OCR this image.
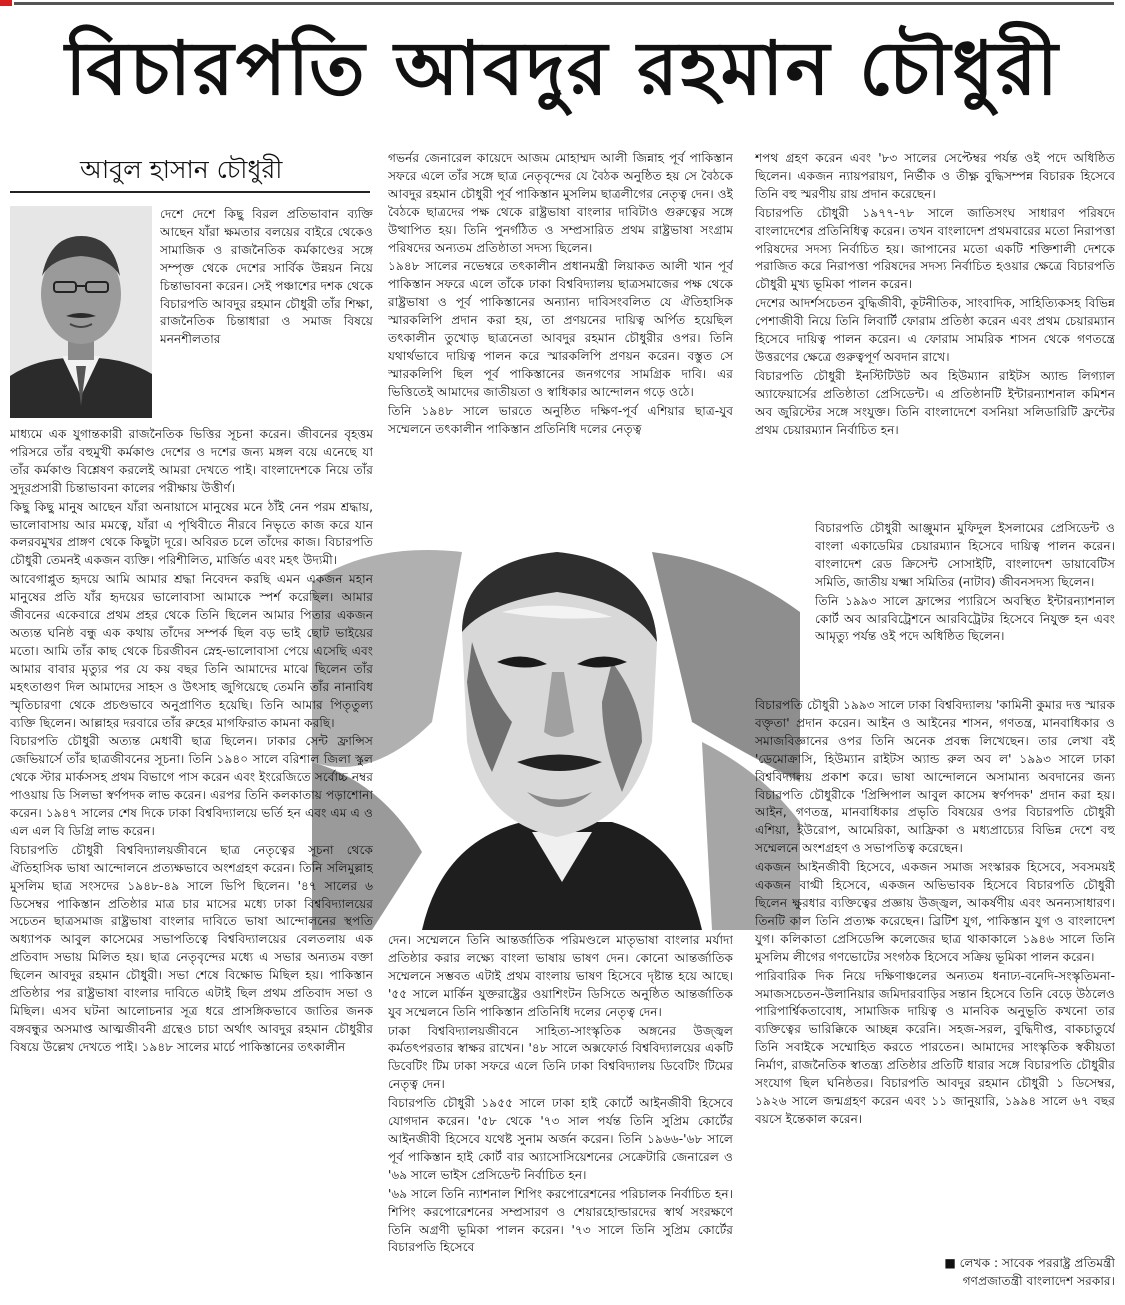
বিচারপতি আবদুর রহমান চৌধুরী
আবুল হাসান চৌধুরী

দেশে দেশে কিছু বিরল প্রতিভাবান ব্যক্তি আছেন যাঁরা ক্ষমতার বলয়ের বাইরে থেকেও সামাজিক ও রাজনৈতিক কর্মকাণ্ডের সঙ্গে সম্পৃক্ত থেকে দেশের সার্বিক উন্নয়ন নিয়ে চিন্তাভাবনা করেন। সেই পঞ্চাশের দশক থেকে বিচারপতি আবদুর রহমান চৌধুরী তাঁর শিক্ষা, রাজনৈতিক চিন্তাধারা ও সমাজ বিষয়ে মননশীলতার

মাধ্যমে এক যুগান্তকারী রাজনৈতিক ভিত্তির সূচনা করেন। জীবনের বৃহত্তম পরিসরে তাঁর বহুমুখী কর্মকাণ্ড দেশের ও দশের জন্য মঙ্গল বয়ে এনেছে যা তাঁর কর্মকাণ্ড বিশ্লেষণ করলেই আমরা দেখতে পাই। বাংলাদেশকে নিয়ে তাঁর সুদূরপ্রসারী চিন্তাভাবনা কালের পরীক্ষায় উত্তীর্ণ।

কিছু কিছু মানুষ আছেন যাঁরা অনায়াসে মানুষের মনে ঠাঁই নেন পরম শ্রদ্ধায়, ভালোবাসায় আর মমত্বে, যাঁরা এ পৃথিবীতে নীরবে নিভৃতে কাজ করে যান কলরবমুখর প্রাঙ্গণ থেকে কিছুটা দূরে। অবিরত চলে তাঁদের কাজ। বিচারপতি চৌধুরী তেমনই একজন ব্যক্তি। পরিশীলিত, মার্জিত এবং মহৎ উদ্যমী।

আবেগাপ্লুত হৃদয়ে আমি আমার শ্রদ্ধা নিবেদন করছি এমন একজন মহান মানুষের প্রতি যাঁর হৃদয়ের ভালোবাসা আমাকে স্পর্শ করেছিল। আমার জীবনের একেবারে প্রথম প্রহর থেকে তিনি ছিলেন আমার পিতার একজন অত্যন্ত ঘনিষ্ঠ বন্ধু এক কথায় তাঁদের সম্পর্ক ছিল বড় ভাই ছোট ভাইয়ের মতো। আমি তাঁর কাছ থেকে চিরজীবন স্নেহ-ভালোবাসা পেয়ে এসেছি এবং আমার বাবার মৃত্যুর পর যে কয় বছর তিনি আমাদের মাঝে ছিলেন তাঁর মহৎতাগুণ দিল আমাদের সাহস ও উৎসাহ জুগিয়েছে তেমনি তাঁর নানাবিধ স্মৃতিচারণা থেকে প্রচণ্ডভাবে অনুপ্রাণিত হয়েছি। তিনি আমার পিতৃতুল্য ব্যক্তি ছিলেন। আল্লাহর দরবারে তাঁর রুহের মাগফিরাত কামনা করছি।

বিচারপতি চৌধুরী অত্যন্ত মেধাবী ছাত্র ছিলেন। ঢাকার সেন্ট ফ্রান্সিস জেভিয়ার্সে তাঁর ছাত্রজীবনের সূচনা। তিনি ১৯৪০ সালে বরিশাল জিলা স্কুল থেকে স্টার মার্কসসহ প্রথম বিভাগে পাস করেন এবং ইংরেজিতে সর্বোচ্চ নম্বর পাওয়ায় ডি সিলভা স্বর্ণপদক লাভ করেন। এরপর তিনি কলকাতায় পড়াশোনা করেন। ১৯৪৭ সালের শেষ দিকে ঢাকা বিশ্ববিদ্যালয়ে ভর্তি হন এবং এম এ ও এল এল বি ডিগ্রি লাভ করেন।

বিচারপতি চৌধুরী বিশ্ববিদ্যালয়জীবনে ছাত্র নেতৃত্বের সূচনা থেকে ঐতিহাসিক ভাষা আন্দোলনে প্রত্যক্ষভাবে অংশগ্রহণ করেন। তিনি সলিমুল্লাহ মুসলিম ছাত্র সংসদের ১৯৪৮-৪৯ সালে ভিপি ছিলেন। '৪৭ সালের ৬ ডিসেম্বর পাকিস্তান প্রতিষ্ঠার মাত্র চার মাসের মধ্যে ঢাকা বিশ্ববিদ্যালয়ের সচেতন ছাত্রসমাজ রাষ্ট্রভাষা বাংলার দাবিতে ভাষা আন্দোলনের স্থপতি অধ্যাপক আবুল কাসেমের সভাপতিত্বে বিশ্ববিদ্যালয়ের বেলতলায় এক প্রতিবাদ সভায় মিলিত হয়। ছাত্র নেতৃবৃন্দের মধ্যে এ সভার অন্যতম বক্তা ছিলেন আবদুর রহমান চৌধুরী। সভা শেষে বিক্ষোভ মিছিল হয়। পাকিস্তান প্রতিষ্ঠার পর রাষ্ট্রভাষা বাংলার দাবিতে এটাই ছিল প্রথম প্রতিবাদ সভা ও মিছিল। এসব ঘটনা আলোচনার সূত্র ধরে প্রাসঙ্গিকভাবে জাতির জনক বঙ্গবন্ধুর অসমাপ্ত আত্মজীবনী গ্রন্থেও চাচা অর্থাৎ আবদুর রহমান চৌধুরীর বিষয়ে উল্লেখ দেখতে পাই। ১৯৪৮ সালের মার্চে পাকিস্তানের তৎকালীন

গভর্নর জেনারেল কায়েদে আজম মোহাম্মদ আলী জিন্নাহ পূর্ব পাকিস্তান সফরে এলে তাঁর সঙ্গে ছাত্র নেতৃবৃন্দের যে বৈঠক অনুষ্ঠিত হয় সে বৈঠকে আবদুর রহমান চৌধুরী পূর্ব পাকিস্তান মুসলিম ছাত্রলীগের নেতৃত্ব দেন। ওই বৈঠকে ছাত্রদের পক্ষ থেকে রাষ্ট্রভাষা বাংলার দাবিটাও গুরুত্বের সঙ্গে উত্থাপিত হয়। তিনি পুনর্গঠিত ও সম্প্রসারিত প্রথম রাষ্ট্রভাষা সংগ্রাম পরিষদের অন্যতম প্রতিষ্ঠাতা সদস্য ছিলেন।

১৯৪৮ সালের নভেম্বরে তৎকালীন প্রধানমন্ত্রী লিয়াকত আলী খান পূর্ব পাকিস্তান সফরে এলে তাঁকে ঢাকা বিশ্ববিদ্যালয় ছাত্রসমাজের পক্ষ থেকে রাষ্ট্রভাষা ও পূর্ব পাকিস্তানের অন্যান্য দাবিসংবলিত যে ঐতিহাসিক স্মারকলিপি প্রদান করা হয়, তা প্রণয়নের দায়িত্ব অর্পিত হয়েছিল তৎকালীন তুখোড় ছাত্রনেতা আবদুর রহমান চৌধুরীর ওপর। তিনি যথার্থভাবে দায়িত্ব পালন করে স্মারকলিপি প্রণয়ন করেন। বস্তুত সে স্মারকলিপি ছিল পূর্ব পাকিস্তানের জনগণের সামগ্রিক দাবি। এর ভিত্তিতেই আমাদের জাতীয়তা ও স্বাধিকার আন্দোলন গড়ে ওঠে।

তিনি ১৯৪৮ সালে ভারতে অনুষ্ঠিত দক্ষিণ-পূর্ব এশিয়ার ছাত্র-যুব সম্মেলনে তৎকালীন পাকিস্তান প্রতিনিধি দলের নেতৃত্ব

দেন। সম্মেলনে তিনি আন্তর্জাতিক পরিমণ্ডলে মাতৃভাষা বাংলার মর্যাদা প্রতিষ্ঠার করার লক্ষ্যে বাংলা ভাষায় ভাষণ দেন। কোনো আন্তর্জাতিক সম্মেলনে সম্ভবত এটাই প্রথম বাংলায় ভাষণ হিসেবে দৃষ্টান্ত হয়ে আছে। '৫৫ সালে মার্কিন যুক্তরাষ্ট্রের ওয়াশিংটন ডিসিতে অনুষ্ঠিত আন্তর্জাতিক যুব সম্মেলনে তিনি পাকিস্তান প্রতিনিধি দলের নেতৃত্ব দেন।

ঢাকা বিশ্ববিদ্যালয়জীবনে সাহিত্য-সাংস্কৃতিক অঙ্গনের উজ্জ্বল কর্মতৎপরতার স্বাক্ষর রাখেন। '৪৮ সালে অক্সফোর্ড বিশ্ববিদ্যালয়ের একটি ডিবেটিং টিম ঢাকা সফরে এলে তিনি ঢাকা বিশ্ববিদ্যালয় ডিবেটিং টিমের নেতৃত্ব দেন।

বিচারপতি চৌধুরী ১৯৫৫ সালে ঢাকা হাই কোর্টে আইনজীবী হিসেবে যোগদান করেন। '৫৮ থেকে '৭৩ সাল পর্যন্ত তিনি সুপ্রিম কোর্টের আইনজীবী হিসেবে যথেষ্ট সুনাম অর্জন করেন। তিনি ১৯৬৬-'৬৮ সালে পূর্ব পাকিস্তান হাই কোর্ট বার অ্যাসোসিয়েশনের সেক্রেটারি জেনারেল ও '৬৯ সালে ভাইস প্রেসিডেন্ট নির্বাচিত হন।

'৬৯ সালে তিনি ন্যাশনাল শিপিং করপোরেশনের পরিচালক নির্বাচিত হন। শিপিং করপোরেশনের সম্প্রসারণ ও শেয়ারহোল্ডারদের স্বার্থ সংরক্ষণে তিনি অগ্রণী ভূমিকা পালন করেন। '৭৩ সালে তিনি সুপ্রিম কোর্টের বিচারপতি হিসেবে

শপথ গ্রহণ করেন এবং '৮৩ সালের সেপ্টেম্বর পর্যন্ত ওই পদে অধিষ্ঠিত ছিলেন। একজন ন্যায়পরায়ণ, নির্ভীক ও তীক্ষ্ণ বুদ্ধিসম্পন্ন বিচারক হিসেবে তিনি বহু স্মরণীয় রায় প্রদান করেছেন।

বিচারপতি চৌধুরী ১৯৭৭-৭৮ সালে জাতিসংঘ সাধারণ পরিষদে বাংলাদেশের প্রতিনিধিত্ব করেন। তখন বাংলাদেশ প্রথমবারের মতো নিরাপত্তা পরিষদের সদস্য নির্বাচিত হয়। জাপানের মতো একটি শক্তিশালী দেশকে পরাজিত করে নিরাপত্তা পরিষদের সদস্য নির্বাচিত হওয়ার ক্ষেত্রে বিচারপতি চৌধুরী মুখ্য ভূমিকা পালন করেন।

দেশের আদর্শসচেতন বুদ্ধিজীবী, কূটনীতিক, সাংবাদিক, সাহিত্যিকসহ বিভিন্ন পেশাজীবী নিয়ে তিনি লিবার্টি ফোরাম প্রতিষ্ঠা করেন এবং প্রথম চেয়ারম্যান হিসেবে দায়িত্ব পালন করেন। এ ফোরাম সামরিক শাসন থেকে গণতন্ত্রে উত্তরণের ক্ষেত্রে গুরুত্বপূর্ণ অবদান রাখে।

বিচারপতি চৌধুরী ইনস্টিটিউট অব হিউম্যান রাইটস অ্যান্ড লিগ্যাল অ্যাফেয়ার্সের প্রতিষ্ঠাতা প্রেসিডেন্ট। এ প্রতিষ্ঠানটি ইন্টারন্যাশনাল কমিশন অব জুরিস্টের সঙ্গে সংযুক্ত। তিনি বাংলাদেশে বসনিয়া সলিডারিটি ফ্রন্টের প্রথম চেয়ারম্যান নির্বাচিত হন।

বিচারপতি চৌধুরী আঞ্জুমান মুফিদুল ইসলামের প্রেসিডেন্ট ও বাংলা একাডেমির চেয়ারম্যান হিসেবে দায়িত্ব পালন করেন। বাংলাদেশ রেড ক্রিসেন্ট সোসাইটি, বাংলাদেশ ডায়াবেটিস সমিতি, জাতীয় যক্ষ্মা সমিতির (নাটাব) জীবনসদস্য ছিলেন।

তিনি ১৯৯৩ সালে ফ্রান্সের প্যারিসে অবস্থিত ইন্টারন্যাশনাল কোর্ট অব আরবিট্রেশনে আরবিট্রেটর হিসেবে নিযুক্ত হন এবং আমৃত্যু পর্যন্ত ওই পদে অধিষ্ঠিত ছিলেন।

বিচারপতি চৌধুরী ১৯৯৩ সালে ঢাকা বিশ্ববিদ্যালয় 'কামিনী কুমার দত্ত স্মারক বক্তৃতা' প্রদান করেন। আইন ও আইনের শাসন, গণতন্ত্র, মানবাধিকার ও সমাজবিজ্ঞানের ওপর তিনি অনেক প্রবন্ধ লিখেছেন। তার লেখা বই 'ডেমোক্রাসি, হিউম্যান রাইটস অ্যান্ড রুল অব ল' ১৯৯৩ সালে ঢাকা বিশ্ববিদ্যালয় প্রকাশ করে। ভাষা আন্দোলনে অসামান্য অবদানের জন্য বিচারপতি চৌধুরীকে 'প্রিন্সিপাল আবুল কাসেম স্বর্ণপদক' প্রদান করা হয়। আইন, গণতন্ত্র, মানবাধিকার প্রভৃতি বিষয়ের ওপর বিচারপতি চৌধুরী এশিয়া, ইউরোপ, আমেরিকা, আফ্রিকা ও মধ্যপ্রাচ্যের বিভিন্ন দেশে বহু সম্মেলনে অংশগ্রহণ ও সভাপতিত্ব করেছেন।

একজন আইনজীবী হিসেবে, একজন সমাজ সংস্কারক হিসেবে, সবসময়ই একজন বাগ্মী হিসেবে, একজন অভিভাবক হিসেবে বিচারপতি চৌধুরী ছিলেন ক্ষুরধার ব্যক্তিত্বের প্রজ্ঞায় উজ্জ্বল, আকর্ষণীয় এবং অনন্যসাধারণ। তিনটি কাল তিনি প্রত্যক্ষ করেছেন। ব্রিটিশ যুগ, পাকিস্তান যুগ ও বাংলাদেশ যুগ। কলিকাতা প্রেসিডেন্সি কলেজের ছাত্র থাকাকালে ১৯৪৬ সালে তিনি মুসলিম লীগের গণভোটের সংগঠক হিসেবে সক্রিয় ভূমিকা পালন করেন।

পারিবারিক দিক নিয়ে দক্ষিণাঞ্চলের অন্যতম ধনাঢ্য-বনেদি-সংস্কৃতিমনা-সমাজসচেতন-উলানিয়ার জমিদারবাড়ির সন্তান হিসেবে তিনি বেড়ে উঠলেও পারিপার্শ্বিকতাবোধ, সামাজিক দায়িত্ব ও মানবিক অনুভূতি কখনো তার ব্যক্তিত্বের ভারিক্কিকে আচ্ছন্ন করেনি। সহজ-সরল, বুদ্ধিদীপ্ত, বাকচাতুর্যে তিনি সবাইকে সম্মোহিত করতে পারতেন। আমাদের সাংস্কৃতিক স্বকীয়তা নির্মাণ, রাজনৈতিক স্বাতন্ত্র্য প্রতিষ্ঠার প্রতিটি ধারার সঙ্গে বিচারপতি চৌধুরীর সংযোগ ছিল ঘনিষ্ঠতর। বিচারপতি আবদুর রহমান চৌধুরী ১ ডিসেম্বর, ১৯২৬ সালে জন্মগ্রহণ করেন এবং ১১ জানুয়ারি, ১৯৯৪ সালে ৬৭ বছর বয়সে ইন্তেকাল করেন।

■ লেখক : সাবেক পররাষ্ট্র প্রতিমন্ত্রী
গণপ্রজাতন্ত্রী বাংলাদেশ সরকার।
